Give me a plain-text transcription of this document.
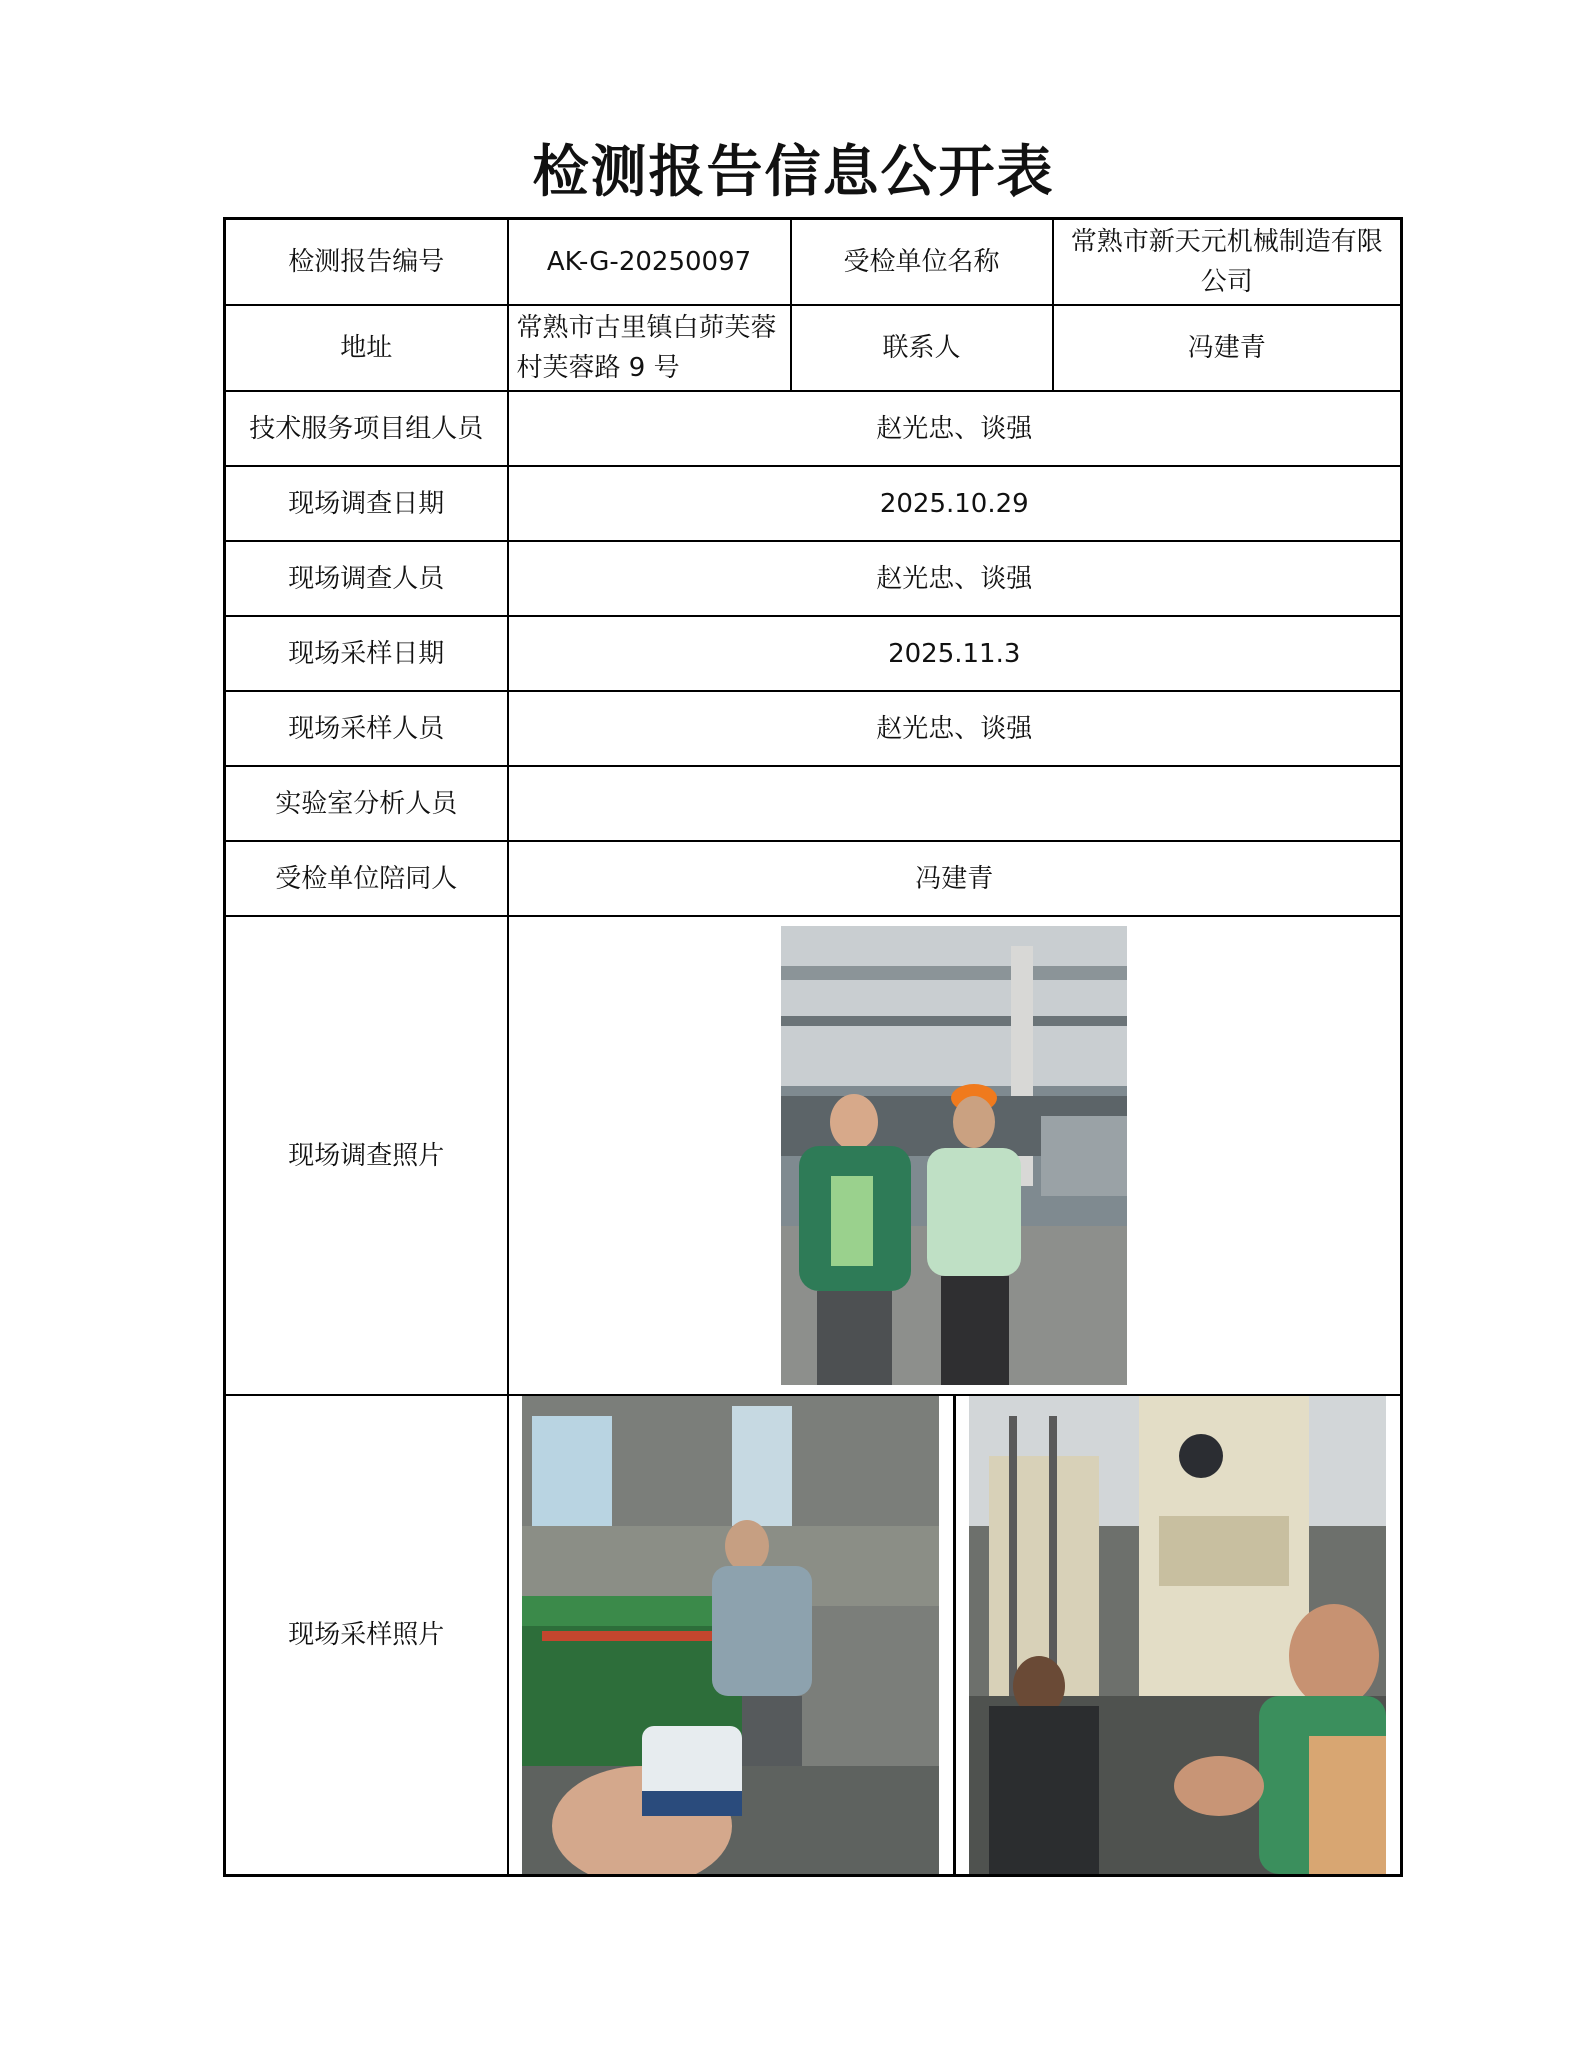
检测报告信息公开表
检测报告编号	AK-G-20250097	受检单位名称	常熟市新天元机械制造有限公司
地址	常熟市古里镇白茆芙蓉村芙蓉路 9 号	联系人	冯建青
技术服务项目组人员	赵光忠、谈强		
现场调查日期	2025.10.29		
现场调查人员	赵光忠、谈强		
现场采样日期	2025.11.3		
现场采样人员	赵光忠、谈强		
实验室分析人员			
受检单位陪同人	冯建青		
现场调查照片	

现场采样照片	
